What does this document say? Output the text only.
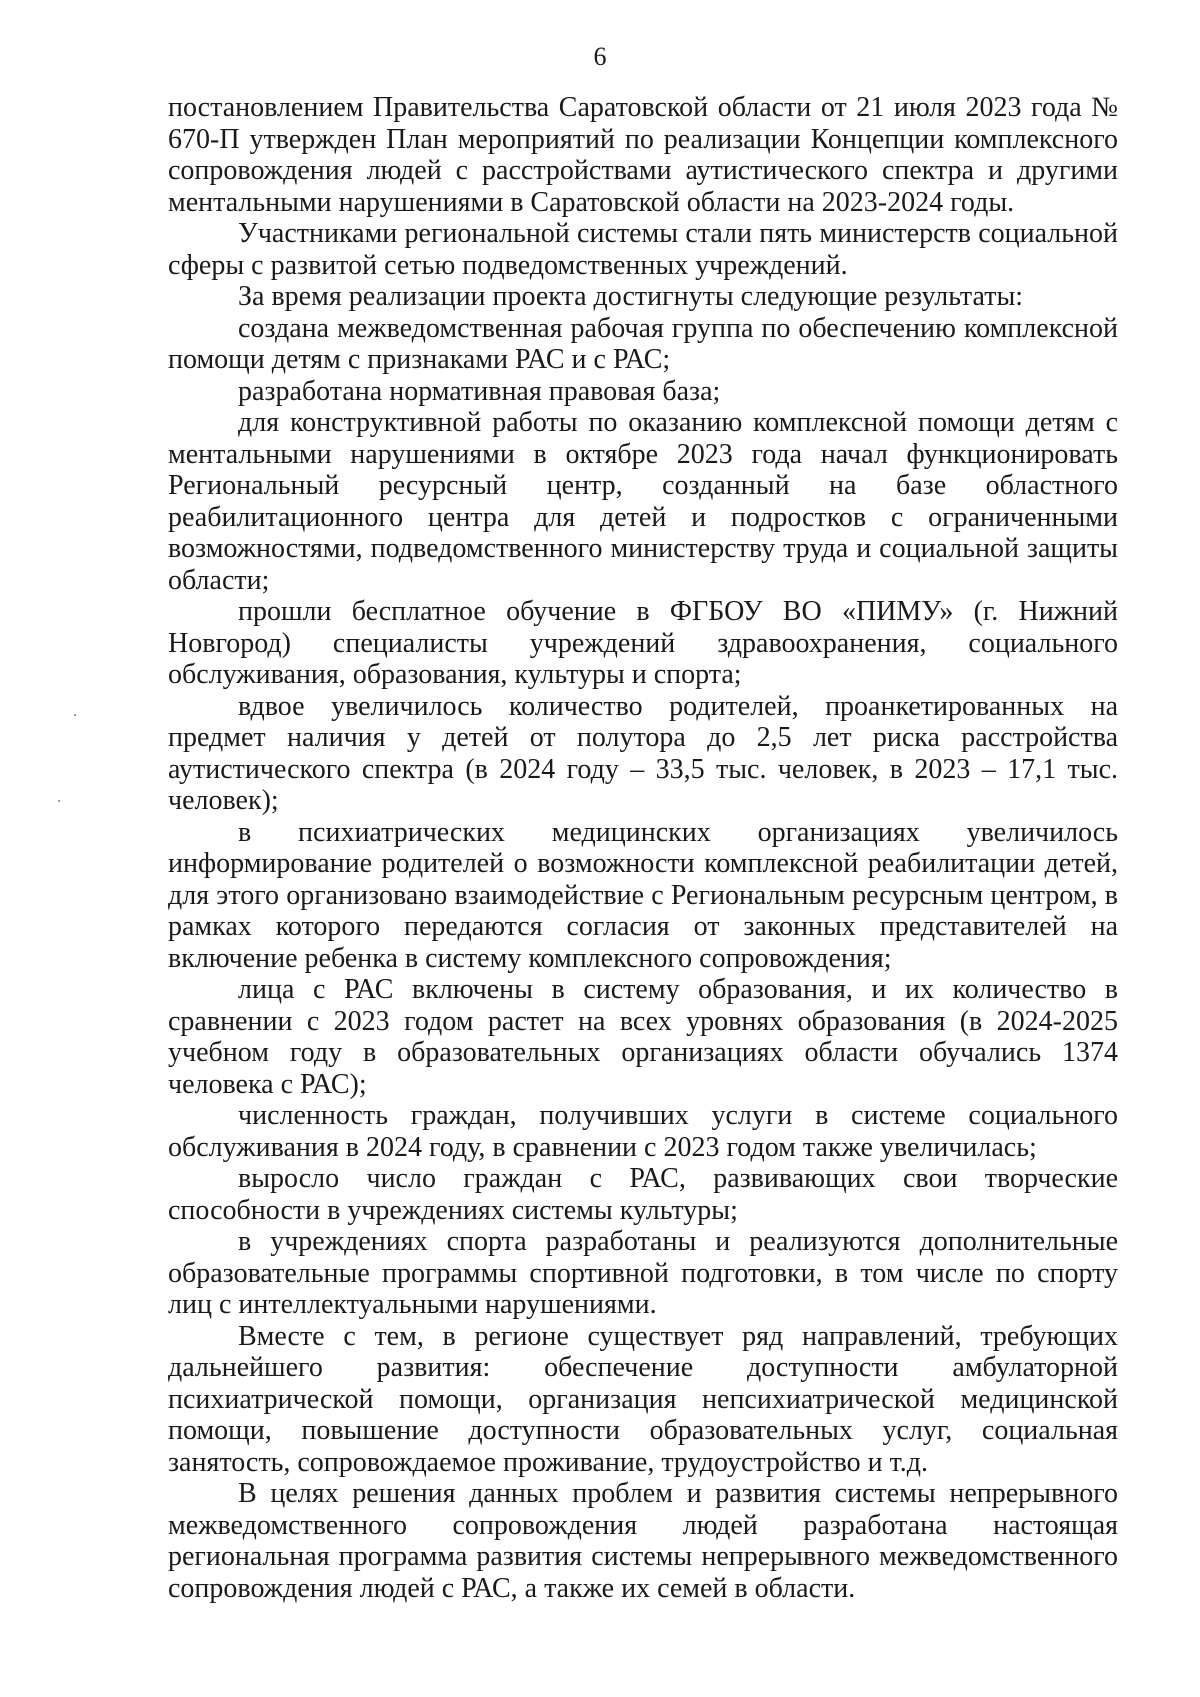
6

постановлением Правительства Саратовской области от 21 июля 2023 года № 670-П утвержден План мероприятий по реализации Концепции комплексного сопровождения людей с расстройствами аутистического спектра и другими ментальными нарушениями в Саратовской области на 2023-2024 годы.

Участниками региональной системы стали пять министерств социальной сферы с развитой сетью подведомственных учреждений.

За время реализации проекта достигнуты следующие результаты:

создана межведомственная рабочая группа по обеспечению комплексной помощи детям с признаками РАС и с РАС;

разработана нормативная правовая база;

для конструктивной работы по оказанию комплексной помощи детям с ментальными нарушениями в октябре 2023 года начал функционировать Региональный ресурсный центр, созданный на базе областного реабилитационного центра для детей и подростков с ограниченными возможностями, подведомственного министерству труда и социальной защиты области;

прошли бесплатное обучение в ФГБОУ ВО «ПИМУ» (г. Нижний Новгород) специалисты учреждений здравоохранения, социального обслуживания, образования, культуры и спорта;

вдвое увеличилось количество родителей, проанкетированных на предмет наличия у детей от полутора до 2,5 лет риска расстройства аутистического спектра (в 2024 году – 33,5 тыс. человек, в 2023 – 17,1 тыс. человек);

в психиатрических медицинских организациях увеличилось информирование родителей о возможности комплексной реабилитации детей, для этого организовано взаимодействие с Региональным ресурсным центром, в рамках которого передаются согласия от законных представителей на включение ребенка в систему комплексного сопровождения;

лица с РАС включены в систему образования, и их количество в сравнении с 2023 годом растет на всех уровнях образования (в 2024-2025 учебном году в образовательных организациях области обучались 1374 человека с РАС);

численность граждан, получивших услуги в системе социального обслуживания в 2024 году, в сравнении с 2023 годом также увеличилась;

выросло число граждан с РАС, развивающих свои творческие способности в учреждениях системы культуры;

в учреждениях спорта разработаны и реализуются дополнительные образовательные программы спортивной подготовки, в том числе по спорту лиц с интеллектуальными нарушениями.

Вместе с тем, в регионе существует ряд направлений, требующих дальнейшего развития: обеспечение доступности амбулаторной психиатрической помощи, организация непсихиатрической медицинской помощи, повышение доступности образовательных услуг, социальная занятость, сопровождаемое проживание, трудоустройство и т.д.

В целях решения данных проблем и развития системы непрерывного межведомственного сопровождения людей разработана настоящая региональная программа развития системы непрерывного межведомственного сопровождения людей с РАС, а также их семей в области.
